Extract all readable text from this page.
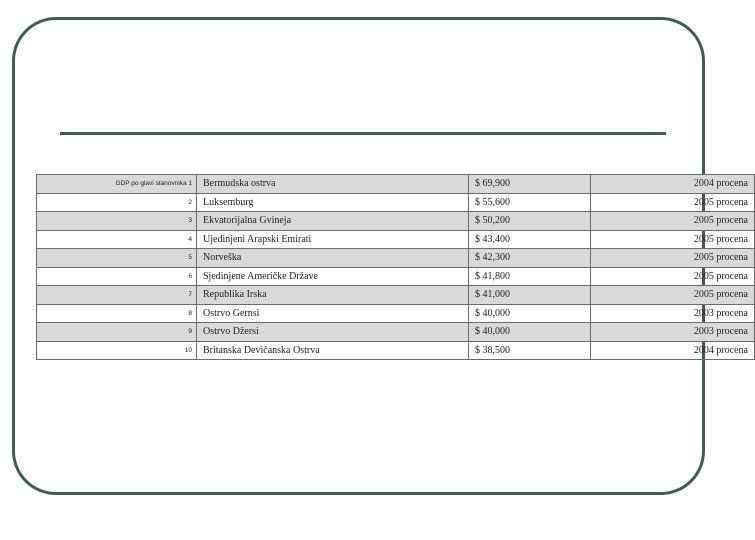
GDP po glavi stanovnika 1	Bermudska ostrva	$ 69,900	2004 procena
2	Luksemburg	$ 55,600	2005 procena
3	Ekvatorijalna Gvineja	$ 50,200	2005 procena
4	Ujedinjeni Arapski Emirati	$ 43,400	2005 procena
5	Norveška	$ 42,300	2005 procena
6	Sjedinjene Američke Države	$ 41,800	2005 procena
7	Republika Irska	$ 41,000	2005 procena
8	Ostrvo Gernsi	$ 40,000	2003 procena
9	Ostrvo Džersi	$ 40,000	2003 procena
10	Britanska Devičanska Ostrva	$ 38,500	2004 procena
